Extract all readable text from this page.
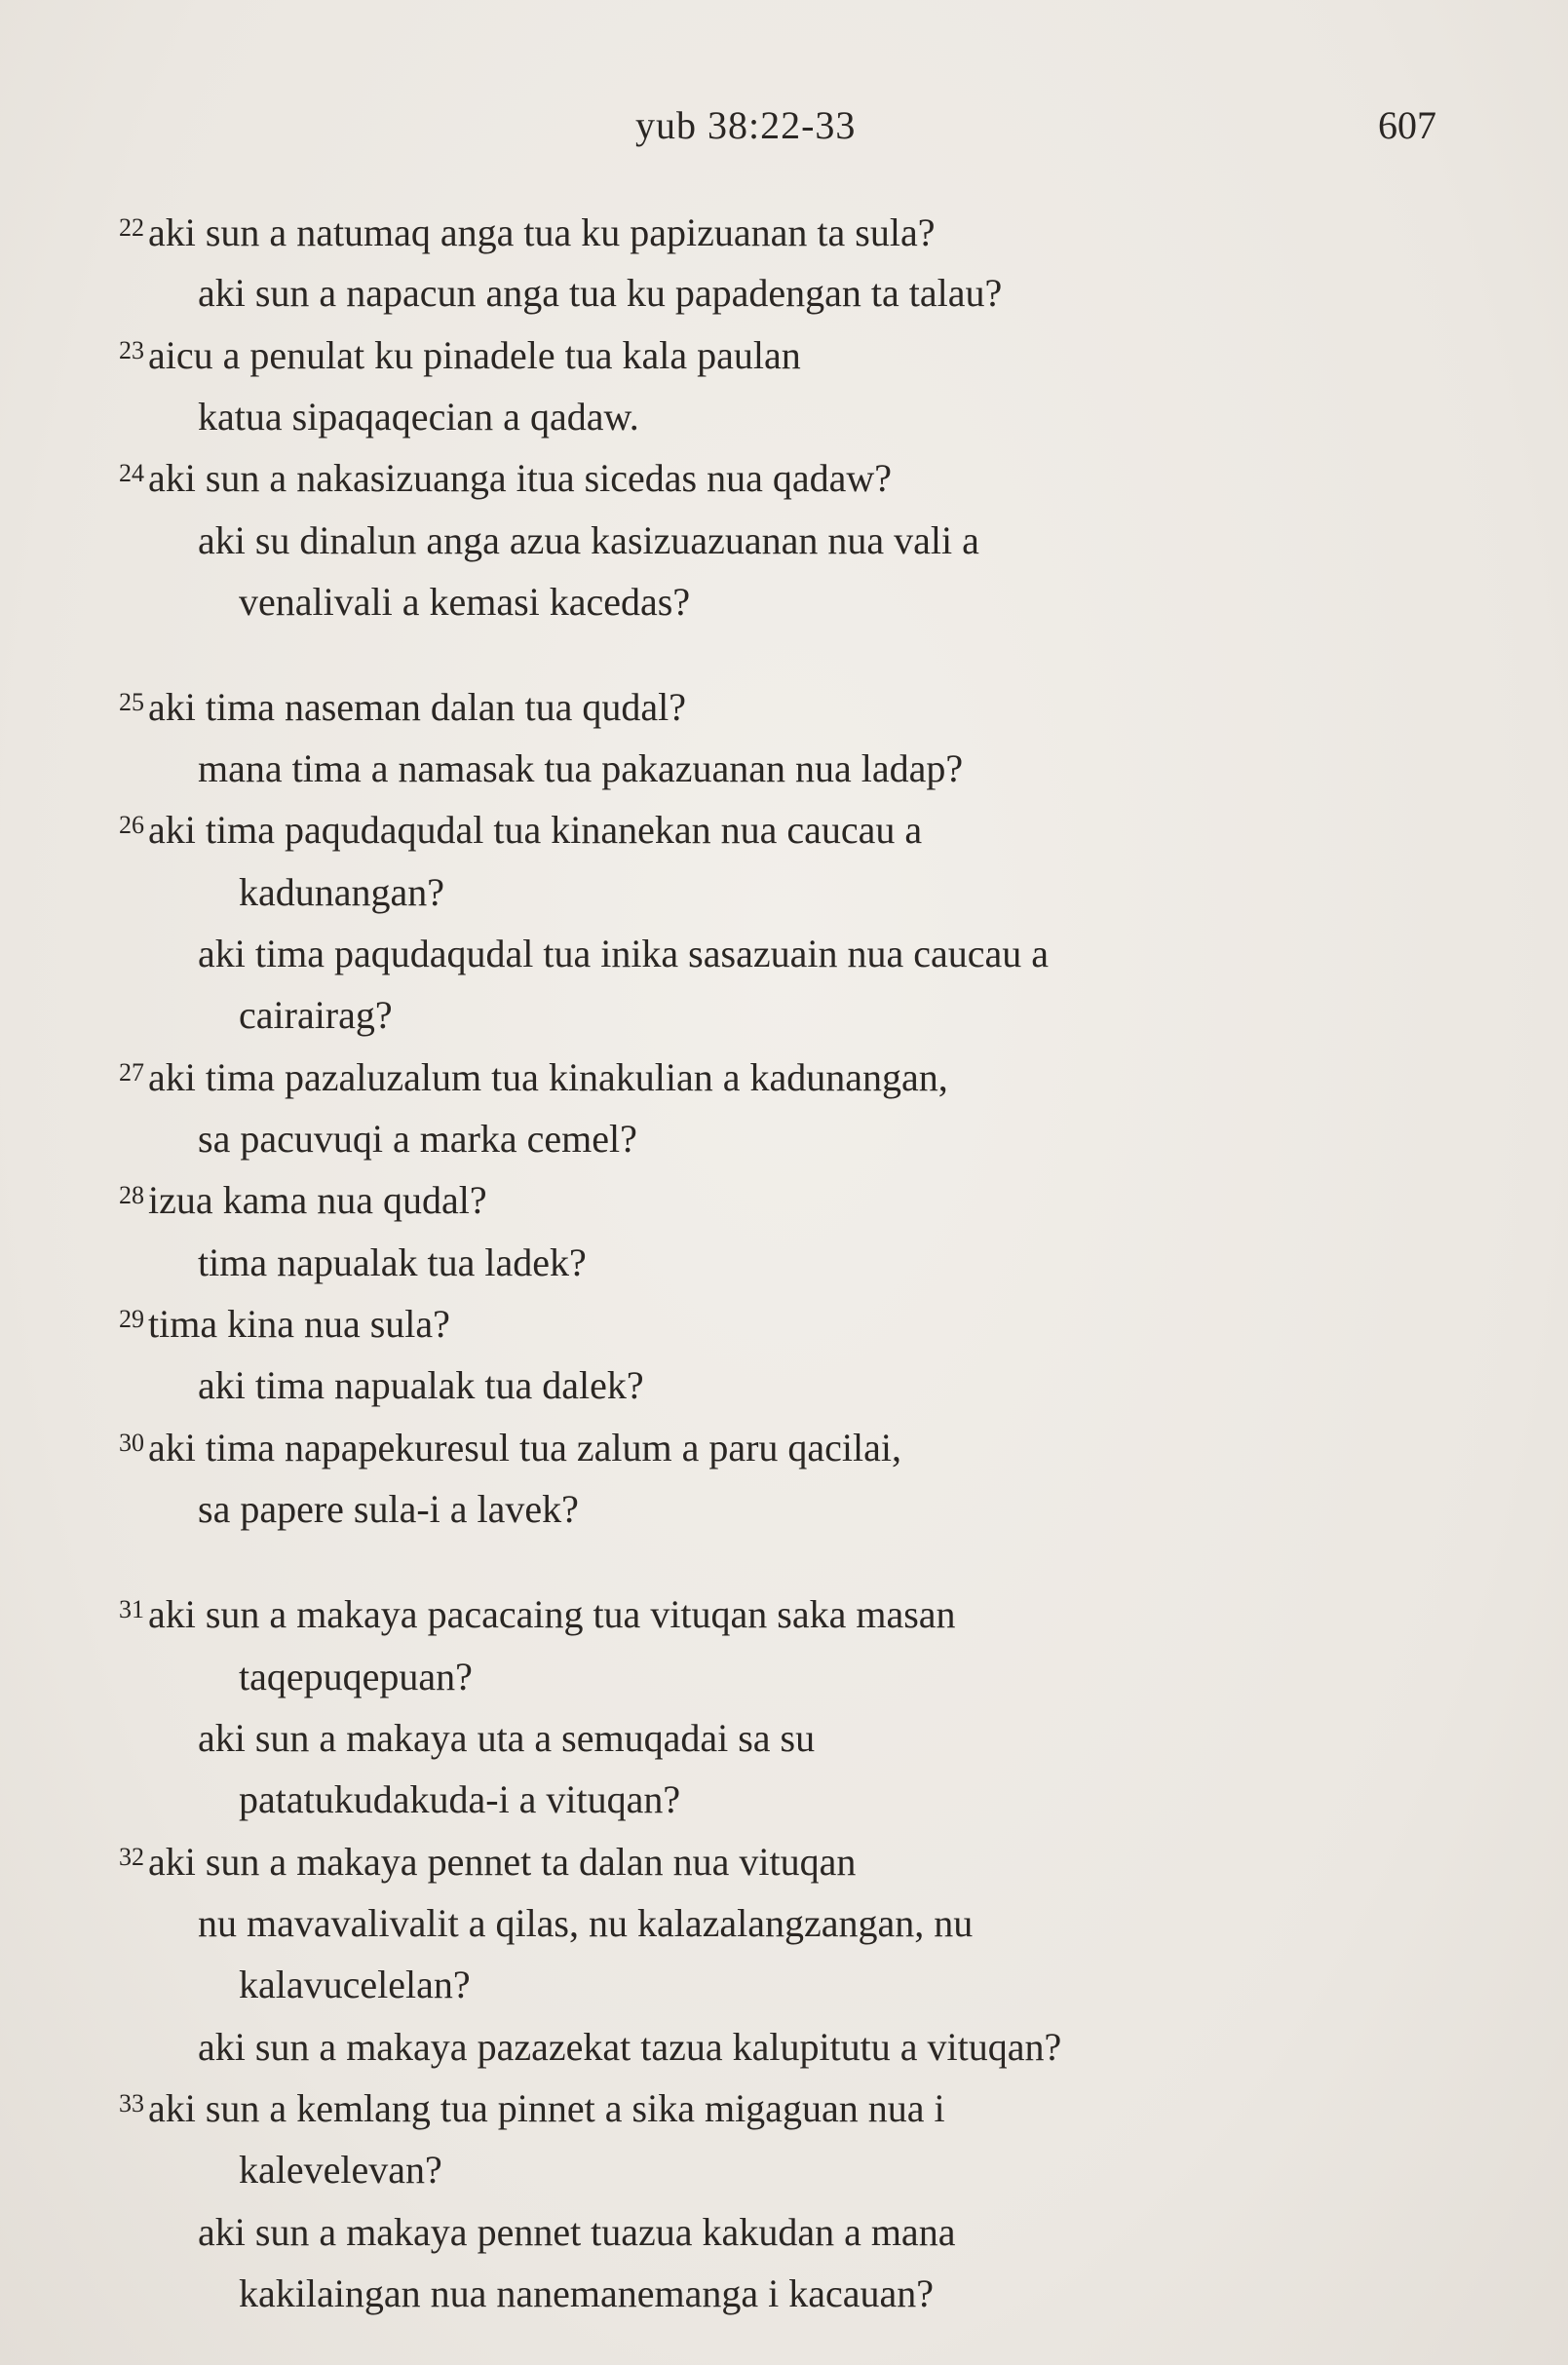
yub 38:22-33	607
$^{22}$ aki sun a natumaq anga tua ku papizuanan ta sula?
aki sun a napacun anga tua ku papadengan ta talau?
$^{23}$ aicu a penulat ku pinadele tua kala paulan
katua sipaqaqecian a qadaw.
$^{24}$ aki sun a nakasizuanga itua sicedas nua qadaw?
aki su dinalun anga azua kasizuazuanan nua vali a
venalivali a kemasi kacedas?
$^{25}$ aki tima naseman dalan tua qudal?
mana tima a namasak tua pakazuanan nua ladap?
$^{26}$ aki tima paqudaqudal tua kinanekan nua caucau a
kadunangan?
aki tima paqudaqudal tua inika sasazuain nua caucau a
cairairag?
$^{27}$ aki tima pazaluzalum tua kinakulian a kadunangan,
sa pacuvuqi a marka cemel?
$^{28}$ izua kama nua qudal?
tima napualak tua ladek?
$^{29}$ tima kina nua sula?
aki tima napualak tua dalek?
$^{30}$ aki tima napapekuresul tua zalum a paru qacilai,
sa papere sula-i a lavek?
$^{31}$ aki sun a makaya pacacaing tua vituqan saka masan
taqepuqepuan?
aki sun a makaya uta a semuqadai sa su
patatukudakuda-i a vituqan?
$^{32}$ aki sun a makaya pennet ta dalan nua vituqan
nu mavavalivalit a qilas, nu kalazalangzangan, nu
kalavucelelan?
aki sun a makaya pazazekat tazua kalupitutu a vituqan?
$^{33}$ aki sun a kemlang tua pinnet a sika migaguan nua i
kalevelevan?
aki sun a makaya pennet tuazua kakudan a mana
kakilaingan nua nanemanemanga i kacauan?
